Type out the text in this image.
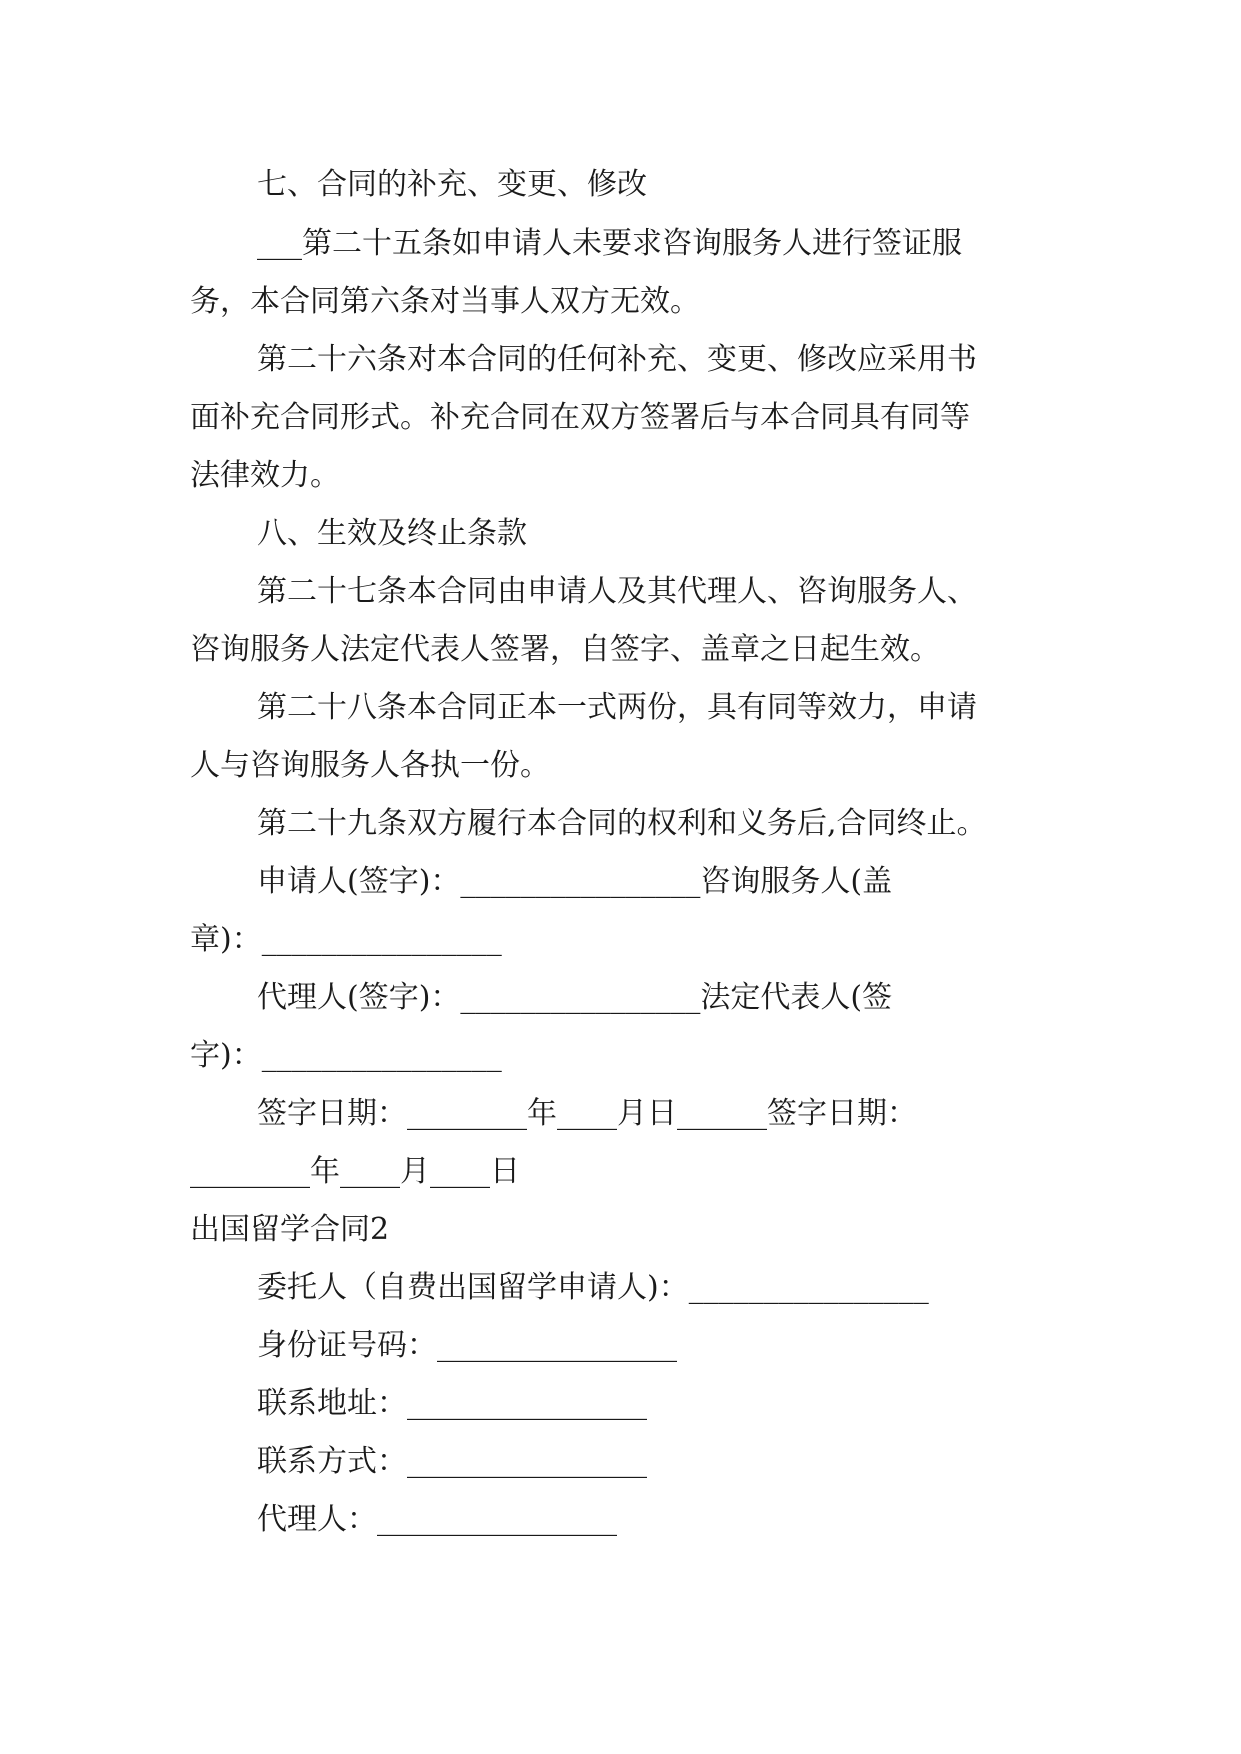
七、合同的补充、变更、修改
___第二十五条如申请人未要求咨询服务人进行签证服
务，本合同第六条对当事人双方无效。
第二十六条对本合同的任何补充、变更、修改应采用书
面补充合同形式。补充合同在双方签署后与本合同具有同等
法律效力。
八、生效及终止条款
第二十七条本合同由申请人及其代理人、咨询服务人、
咨询服务人法定代表人签署，自签字、盖章之日起生效。
第二十八条本合同正本一式两份，具有同等效力，申请
人与咨询服务人各执一份。
第二十九条双方履行本合同的权利和义务后,合同终止。
申请人(签字)：________________咨询服务人(盖
章)：________________
代理人(签字)：________________法定代表人(签
字)：________________
签字日期：________年____月日______签字日期：
________年____月____日
出国留学合同2
委托人（自费出国留学申请人)：________________
身份证号码：________________
联系地址：________________
联系方式：________________
代理人：________________
